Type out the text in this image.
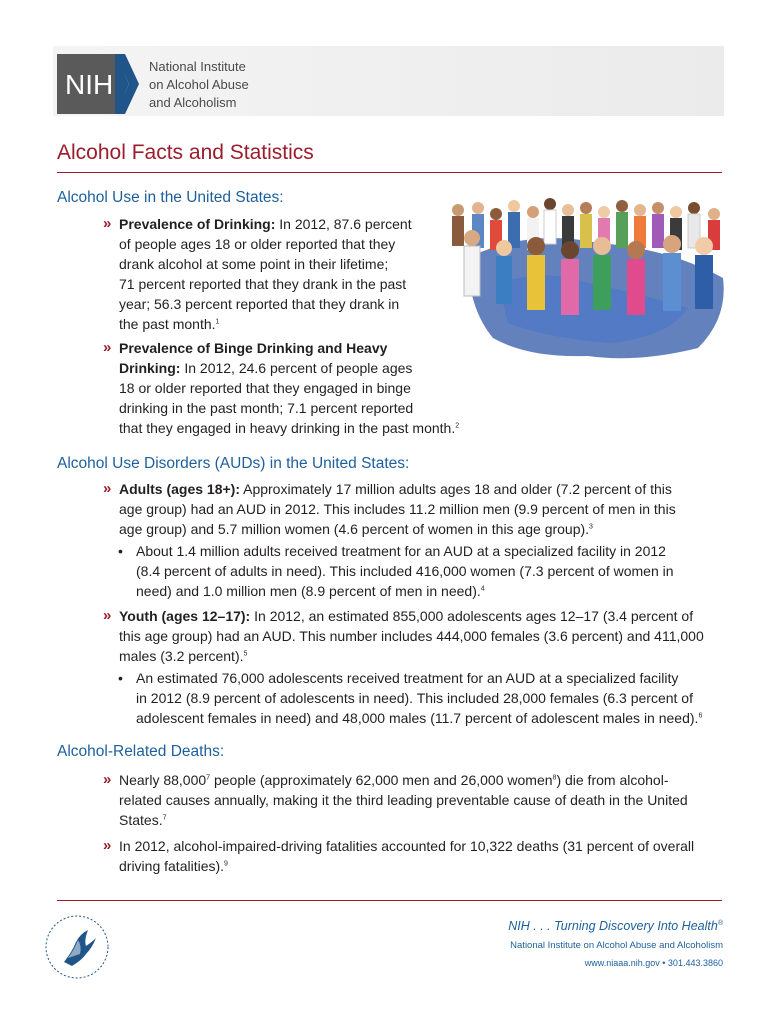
NIH
National Institute
on Alcohol Abuse
and Alcoholism
Alcohol Facts and Statistics
Alcohol Use in the United States:
» Prevalence of Drinking: In 2012, 87.6 percent
of people ages 18 or older reported that they
drank alcohol at some point in their lifetime;
71 percent reported that they drank in the past
year; 56.3 percent reported that they drank in
the past month.$^1$
» Prevalence of Binge Drinking and Heavy
Drinking: In 2012, 24.6 percent of people ages
18 or older reported that they engaged in binge
drinking in the past month; 7.1 percent reported
that they engaged in heavy drinking in the past month.$^2$
Alcohol Use Disorders (AUDs) in the United States:
» Adults (ages 18+): Approximately 17 million adults ages 18 and older (7.2 percent of this
age group) had an AUD in 2012. This includes 11.2 million men (9.9 percent of men in this
age group) and 5.7 million women (4.6 percent of women in this age group).$^3$
• About 1.4 million adults received treatment for an AUD at a specialized facility in 2012
(8.4 percent of adults in need). This included 416,000 women (7.3 percent of women in
need) and 1.0 million men (8.9 percent of men in need).$^4$
» Youth (ages 12–17): In 2012, an estimated 855,000 adolescents ages 12–17 (3.4 percent of
this age group) had an AUD. This number includes 444,000 females (3.6 percent) and 411,000
males (3.2 percent).$^5$
• An estimated 76,000 adolescents received treatment for an AUD at a specialized facility
in 2012 (8.9 percent of adolescents in need). This included 28,000 females (6.3 percent of
adolescent females in need) and 48,000 males (11.7 percent of adolescent males in need).$^6$
Alcohol-Related Deaths:
» Nearly 88,000$^7$ people (approximately 62,000 men and 26,000 women$^8$) die from alcohol-
related causes annually, making it the third leading preventable cause of death in the United
States.$^7$
» In 2012, alcohol-impaired-driving fatalities accounted for 10,322 deaths (31 percent of overall
driving fatalities).$^9$
NIH . . . Turning Discovery Into Health®
National Institute on Alcohol Abuse and Alcoholism
www.niaaa.nih.gov • 301.443.3860
